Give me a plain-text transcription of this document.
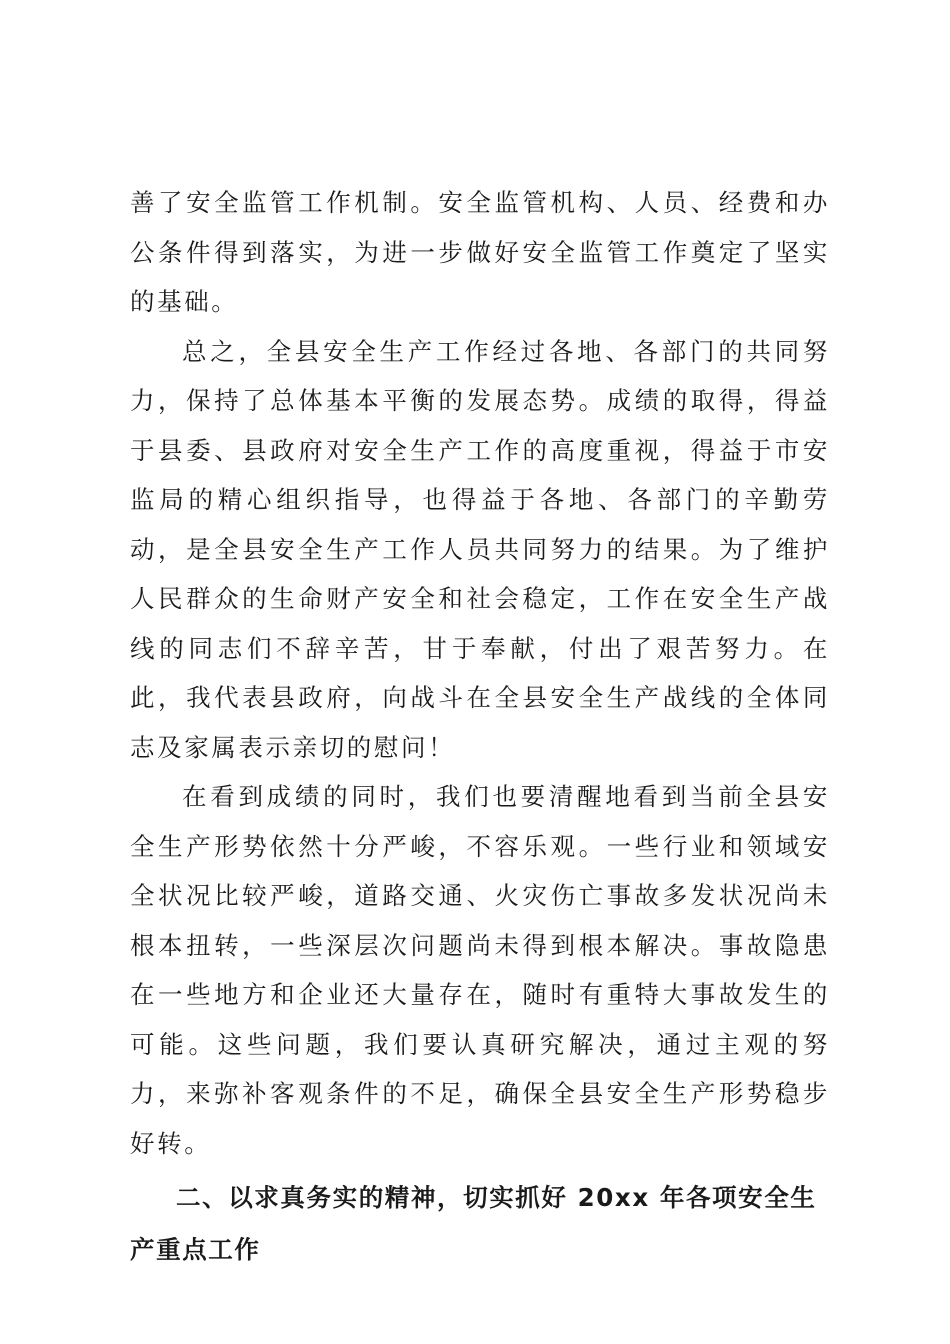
善了安全监管工作机制。安全监管机构、人员、经费和办公条件得到落实，为进一步做好安全监管工作奠定了坚实的基础。

总之，全县安全生产工作经过各地、各部门的共同努力，保持了总体基本平衡的发展态势。成绩的取得，得益于县委、县政府对安全生产工作的高度重视，得益于市安监局的精心组织指导，也得益于各地、各部门的辛勤劳动，是全县安全生产工作人员共同努力的结果。为了维护人民群众的生命财产安全和社会稳定，工作在安全生产战线的同志们不辞辛苦，甘于奉献，付出了艰苦努力。在此，我代表县政府，向战斗在全县安全生产战线的全体同志及家属表示亲切的慰问！

在看到成绩的同时，我们也要清醒地看到当前全县安全生产形势依然十分严峻，不容乐观。一些行业和领域安全状况比较严峻，道路交通、火灾伤亡事故多发状况尚未根本扭转，一些深层次问题尚未得到根本解决。事故隐患在一些地方和企业还大量存在，随时有重特大事故发生的可能。这些问题，我们要认真研究解决，通过主观的努力，来弥补客观条件的不足，确保全县安全生产形势稳步好转。

二、以求真务实的精神，切实抓好 20xx 年各项安全生产重点工作
